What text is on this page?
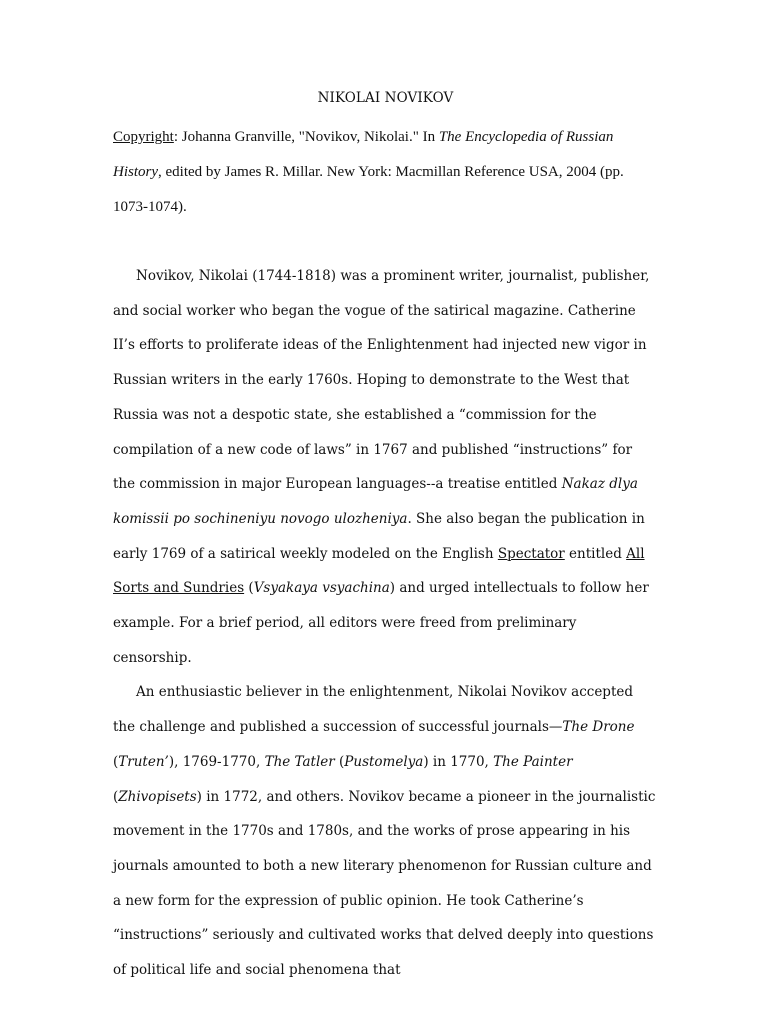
NIKOLAI NOVIKOV

Copyright: Johanna Granville, "Novikov, Nikolai." In The Encyclopedia of Russian History, edited by James R. Millar. New York: Macmillan Reference USA, 2004 (pp. 1073-1074).

Novikov, Nikolai (1744-1818) was a prominent writer, journalist, publisher, and social worker who began the vogue of the satirical magazine. Catherine II’s efforts to proliferate ideas of the Enlightenment had injected new vigor in Russian writers in the early 1760s. Hoping to demonstrate to the West that Russia was not a despotic state, she established a “commission for the compilation of a new code of laws” in 1767 and published “instructions” for the commission in major European languages--a treatise entitled Nakaz dlya komissii po sochineniyu novogo ulozheniya. She also began the publication in early 1769 of a satirical weekly modeled on the English Spectator entitled All Sorts and Sundries (Vsyakaya vsyachina) and urged intellectuals to follow her example. For a brief period, all editors were freed from preliminary censorship.

An enthusiastic believer in the enlightenment, Nikolai Novikov accepted the challenge and published a succession of successful journals—The Drone (Truten’), 1769-1770, The Tatler (Pustomelya) in 1770, The Painter (Zhivopisets) in 1772, and others. Novikov became a pioneer in the journalistic movement in the 1770s and 1780s, and the works of prose appearing in his journals amounted to both a new literary phenomenon for Russian culture and a new form for the expression of public opinion. He took Catherine’s “instructions” seriously and cultivated works that delved deeply into questions of political life and social phenomena that
